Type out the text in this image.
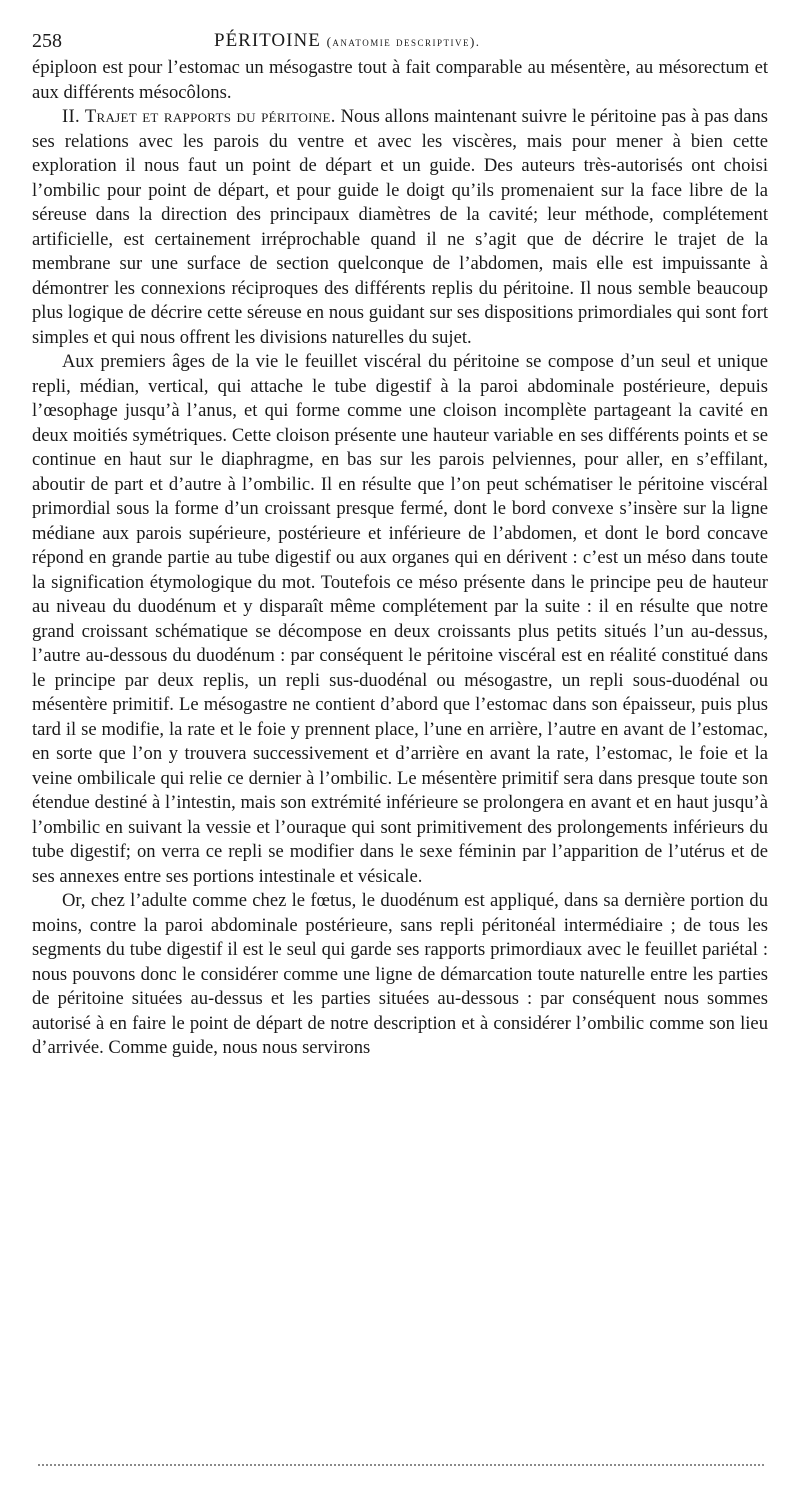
258	PÉRITOINE (anatomie descriptive).

épiploon est pour l’estomac un mésogastre tout à fait comparable au mésentère, au mésorectum et aux différents mésocôlons.

II. Trajet et rapports du péritoine. Nous allons maintenant suivre le péritoine pas à pas dans ses relations avec les parois du ventre et avec les viscères, mais pour mener à bien cette exploration il nous faut un point de départ et un guide. Des auteurs très-autorisés ont choisi l’ombilic pour point de départ, et pour guide le doigt qu’ils promenaient sur la face libre de la séreuse dans la direction des principaux diamètres de la cavité; leur méthode, complétement artificielle, est certainement irréprochable quand il ne s’agit que de décrire le trajet de la membrane sur une surface de section quelconque de l’abdomen, mais elle est impuissante à démontrer les connexions réciproques des différents replis du péritoine. Il nous semble beaucoup plus logique de décrire cette séreuse en nous guidant sur ses dispositions primordiales qui sont fort simples et qui nous offrent les divisions naturelles du sujet.

Aux premiers âges de la vie le feuillet viscéral du péritoine se compose d’un seul et unique repli, médian, vertical, qui attache le tube digestif à la paroi abdominale postérieure, depuis l’œsophage jusqu’à l’anus, et qui forme comme une cloison incomplète partageant la cavité en deux moitiés symétriques. Cette cloison présente une hauteur variable en ses différents points et se continue en haut sur le diaphragme, en bas sur les parois pelviennes, pour aller, en s’effilant, aboutir de part et d’autre à l’ombilic. Il en résulte que l’on peut schématiser le péritoine viscéral primordial sous la forme d’un croissant presque fermé, dont le bord convexe s’insère sur la ligne médiane aux parois supérieure, postérieure et inférieure de l’abdomen, et dont le bord concave répond en grande partie au tube digestif ou aux organes qui en dérivent : c’est un méso dans toute la signification étymologique du mot. Toutefois ce méso présente dans le principe peu de hauteur au niveau du duodénum et y disparaît même complétement par la suite : il en résulte que notre grand croissant schématique se décompose en deux croissants plus petits situés l’un au-dessus, l’autre au-dessous du duodénum : par conséquent le péritoine viscéral est en réalité constitué dans le principe par deux replis, un repli sus-duodénal ou mésogastre, un repli sous-duodénal ou mésentère primitif. Le mésogastre ne contient d’abord que l’estomac dans son épaisseur, puis plus tard il se modifie, la rate et le foie y prennent place, l’une en arrière, l’autre en avant de l’estomac, en sorte que l’on y trouvera successivement et d’arrière en avant la rate, l’estomac, le foie et la veine ombilicale qui relie ce dernier à l’ombilic. Le mésentère primitif sera dans presque toute son étendue destiné à l’intestin, mais son extrémité inférieure se prolongera en avant et en haut jusqu’à l’ombilic en suivant la vessie et l’ouraque qui sont primitivement des prolongements inférieurs du tube digestif; on verra ce repli se modifier dans le sexe féminin par l’apparition de l’utérus et de ses annexes entre ses portions intestinale et vésicale.

Or, chez l’adulte comme chez le fœtus, le duodénum est appliqué, dans sa dernière portion du moins, contre la paroi abdominale postérieure, sans repli péritonéal intermédiaire ; de tous les segments du tube digestif il est le seul qui garde ses rapports primordiaux avec le feuillet pariétal : nous pouvons donc le considérer comme une ligne de démarcation toute naturelle entre les parties de péritoine situées au-dessus et les parties situées au-dessous : par conséquent nous sommes autorisé à en faire le point de départ de notre description et à considérer l’ombilic comme son lieu d’arrivée. Comme guide, nous nous servirons
